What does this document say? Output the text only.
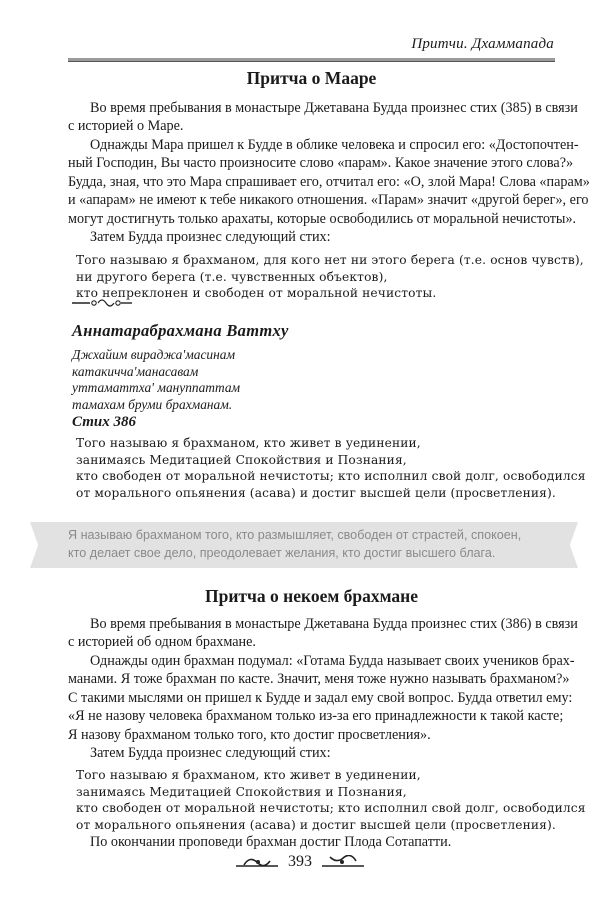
Притчи. Дхаммапада
Притча о Мааре
Во время пребывания в монастыре Джетавана Будда произнес стих (385) в связи
с историей о Маре.
Однажды Мара пришел к Будде в облике человека и спросил его: «Достопочтен-
ный Господин, Вы часто произносите слово «парам». Какое значение этого слова?»
Будда, зная, что это Мара спрашивает его, отчитал его: «О, злой Мара! Слова «парам»
и «апарам» не имеют к тебе никакого отношения. «Парам» значит «другой берег», его
могут достигнуть только арахаты, которые освободились от моральной нечистоты».
Затем Будда произнес следующий стих:
Того называю я брахманом, для кого нет ни этого берега (т.е. основ чувств),
ни другого берега (т.е. чувственных объектов),
кто непреклонен и свободен от моральной нечистоты.
Аннатарабрахмана Ваттху
Джхайим вираджа'масинам
катакичча'манасавам
уттаматтха' мануппаттам
тамахам бруми брахманам.
Стих 386
Того называю я брахманом, кто живет в уединении,
занимаясь Медитацией Спокойствия и Познания,
кто свободен от моральной нечистоты; кто исполнил свой долг, освободился
от морального опьянения (асава) и достиг высшей цели (просветления).
Притча о некоем брахмане
Во время пребывания в монастыре Джетавана Будда произнес стих (386) в связи
с историей об одном брахмане.
Однажды один брахман подумал: «Готама Будда называет своих учеников брах-
манами. Я тоже брахман по касте. Значит, меня тоже нужно называть брахманом?»
С такими мыслями он пришел к Будде и задал ему свой вопрос. Будда ответил ему:
«Я не назову человека брахманом только из-за его принадлежности к такой касте;
Я назову брахманом только того, кто достиг просветления».
Затем Будда произнес следующий стих:
Того называю я брахманом, кто живет в уединении,
занимаясь Медитацией Спокойствия и Познания,
кто свободен от моральной нечистоты; кто исполнил свой долг, освободился
от морального опьянения (асава) и достиг высшей цели (просветления).
По окончании проповеди брахман достиг Плода Сотапатти.
Я называю брахманом того, кто размышляет, свободен от страстей, спокоен,
кто делает свое дело, преодолевает желания, кто достиг высшего блага.
393
